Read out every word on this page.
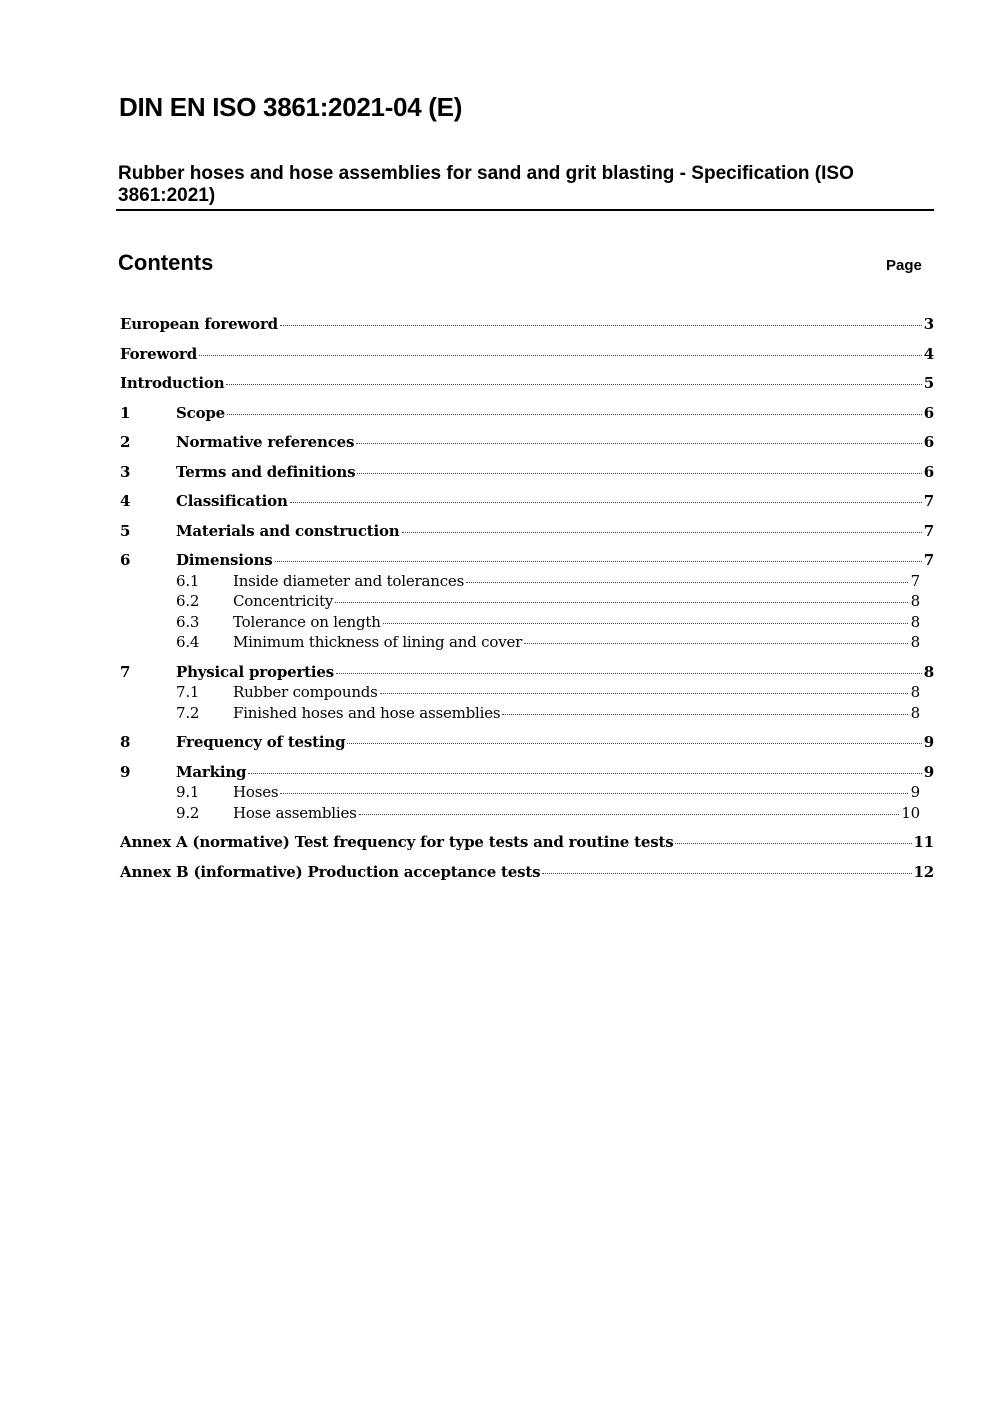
DIN EN ISO 3861:2021-04 (E)

Rubber hoses and hose assemblies for sand and grit blasting - Specification (ISO 3861:2021)

Contents	Page
European foreword	3
Foreword	4
Introduction	5
1	Scope	6
2	Normative references	6
3	Terms and definitions	6
4	Classification	7
5	Materials and construction	7
6	Dimensions	7
6.1	Inside diameter and tolerances	7
6.2	Concentricity	8
6.3	Tolerance on length	8
6.4	Minimum thickness of lining and cover	8
7	Physical properties	8
7.1	Rubber compounds	8
7.2	Finished hoses and hose assemblies	8
8	Frequency of testing	9
9	Marking	9
9.1	Hoses	9
9.2	Hose assemblies	10
Annex A (normative) Test frequency for type tests and routine tests	11
Annex B (informative) Production acceptance tests	12
